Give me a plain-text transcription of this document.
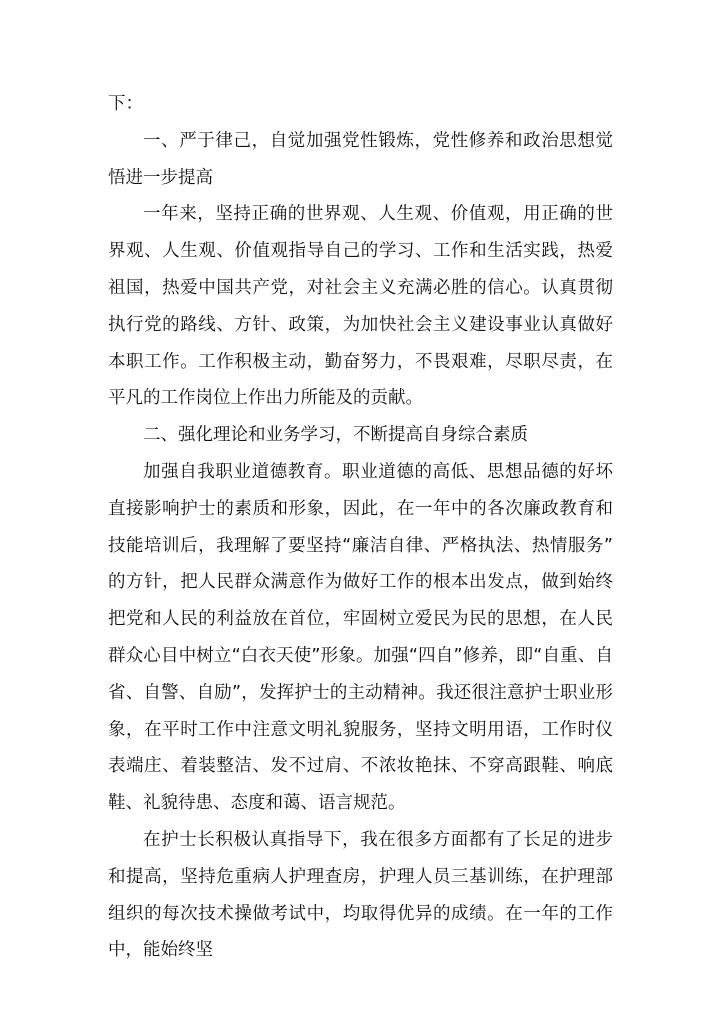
下：

一、严于律己，自觉加强党性锻炼，党性修养和政治思想觉悟进一步提高

一年来，坚持正确的世界观、人生观、价值观，用正确的世界观、人生观、价值观指导自己的学习、工作和生活实践，热爱祖国，热爱中国共产党，对社会主义充满必胜的信心。认真贯彻执行党的路线、方针、政策，为加快社会主义建设事业认真做好本职工作。工作积极主动，勤奋努力，不畏艰难，尽职尽责，在平凡的工作岗位上作出力所能及的贡献。

二、强化理论和业务学习，不断提高自身综合素质

加强自我职业道德教育。职业道德的高低、思想品德的好坏直接影响护士的素质和形象，因此，在一年中的各次廉政教育和技能培训后，我理解了要坚持“廉洁自律、严格执法、热情服务” 的方针，把人民群众满意作为做好工作的根本出发点，做到始终把党和人民的利益放在首位，牢固树立爱民为民的思想，在人民群众心目中树立“白衣天使”形象。加强“四自”修养，即“自重、自省、自警、自励”，发挥护士的主动精神。我还很注意护士职业形象，在平时工作中注意文明礼貌服务，坚持文明用语，工作时仪表端庄、着装整洁、发不过肩、不浓妆艳抹、不穿高跟鞋、响底鞋、礼貌待患、态度和蔼、语言规范。

在护士长积极认真指导下，我在很多方面都有了长足的进步和提高，坚持危重病人护理查房，护理人员三基训练，在护理部组织的每次技术操做考试中，均取得优异的成绩。在一年的工作中，能始终坚
